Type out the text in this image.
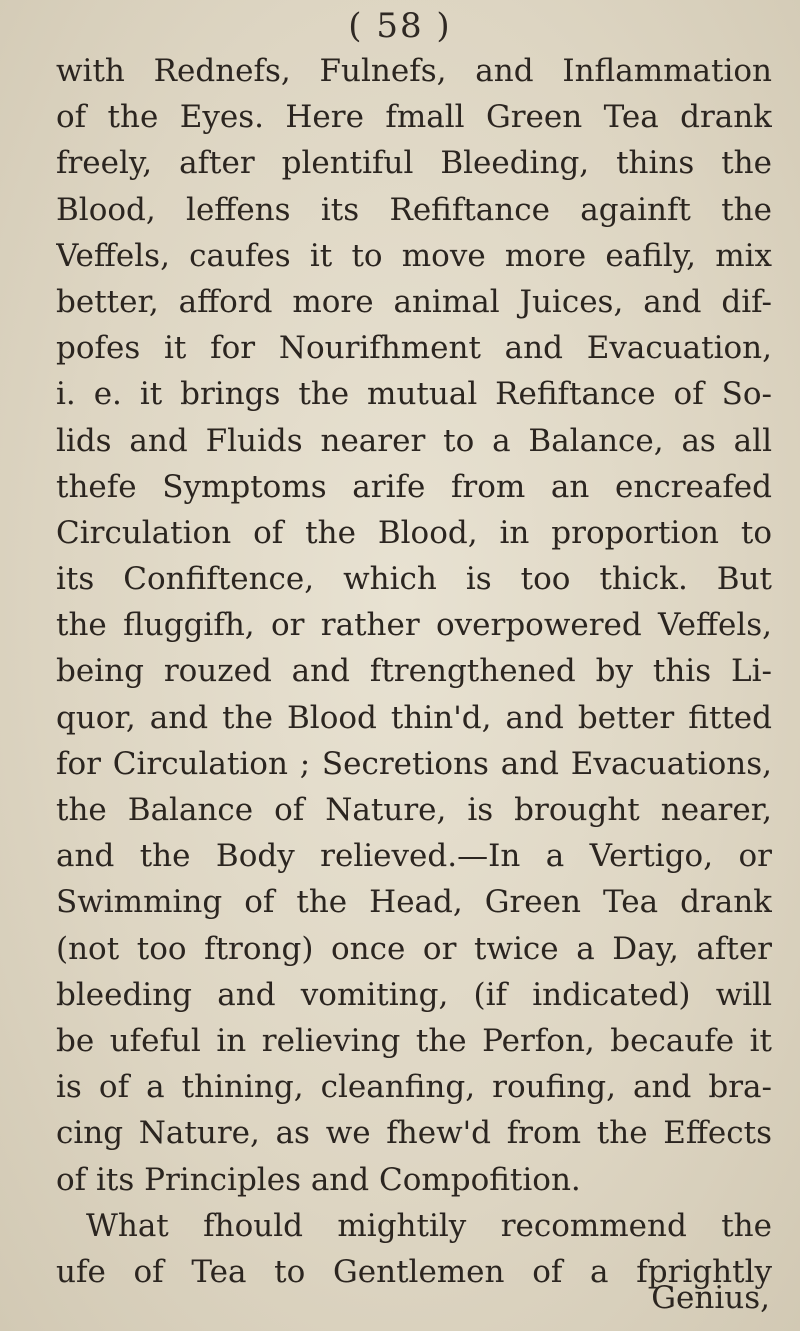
( 58 )
with Rednefs, Fulnefs, and Inflammation
of the Eyes. Here fmall Green Tea drank
freely, after plentiful Bleeding, thins the
Blood, leffens its Refiftance againft the
Veffels, caufes it to move more eafily, mix
better, afford more animal Juices, and dif-
pofes it for Nourifhment and Evacuation,
i. e. it brings the mutual Refiftance of So-
lids and Fluids nearer to a Balance, as all
thefe Symptoms arife from an encreafed
Circulation of the Blood, in proportion to
its Confiftence, which is too thick. But
the fluggifh, or rather overpowered Veffels,
being rouzed and ftrengthened by this Li-
quor, and the Blood thin'd, and better fitted
for Circulation ; Secretions and Evacuations,
the Balance of Nature, is brought nearer,
and the Body relieved.—In a Vertigo, or
Swimming of the Head, Green Tea drank
(not too ftrong) once or twice a Day, after
bleeding and vomiting, (if indicated) will
be ufeful in relieving the Perfon, becaufe it
is of a thining, cleanfing, roufing, and bra-
cing Nature, as we fhew'd from the Effects
of its Principles and Compofition.
What fhould mightily recommend the
ufe of Tea to Gentlemen of a fprightly
Genius,
